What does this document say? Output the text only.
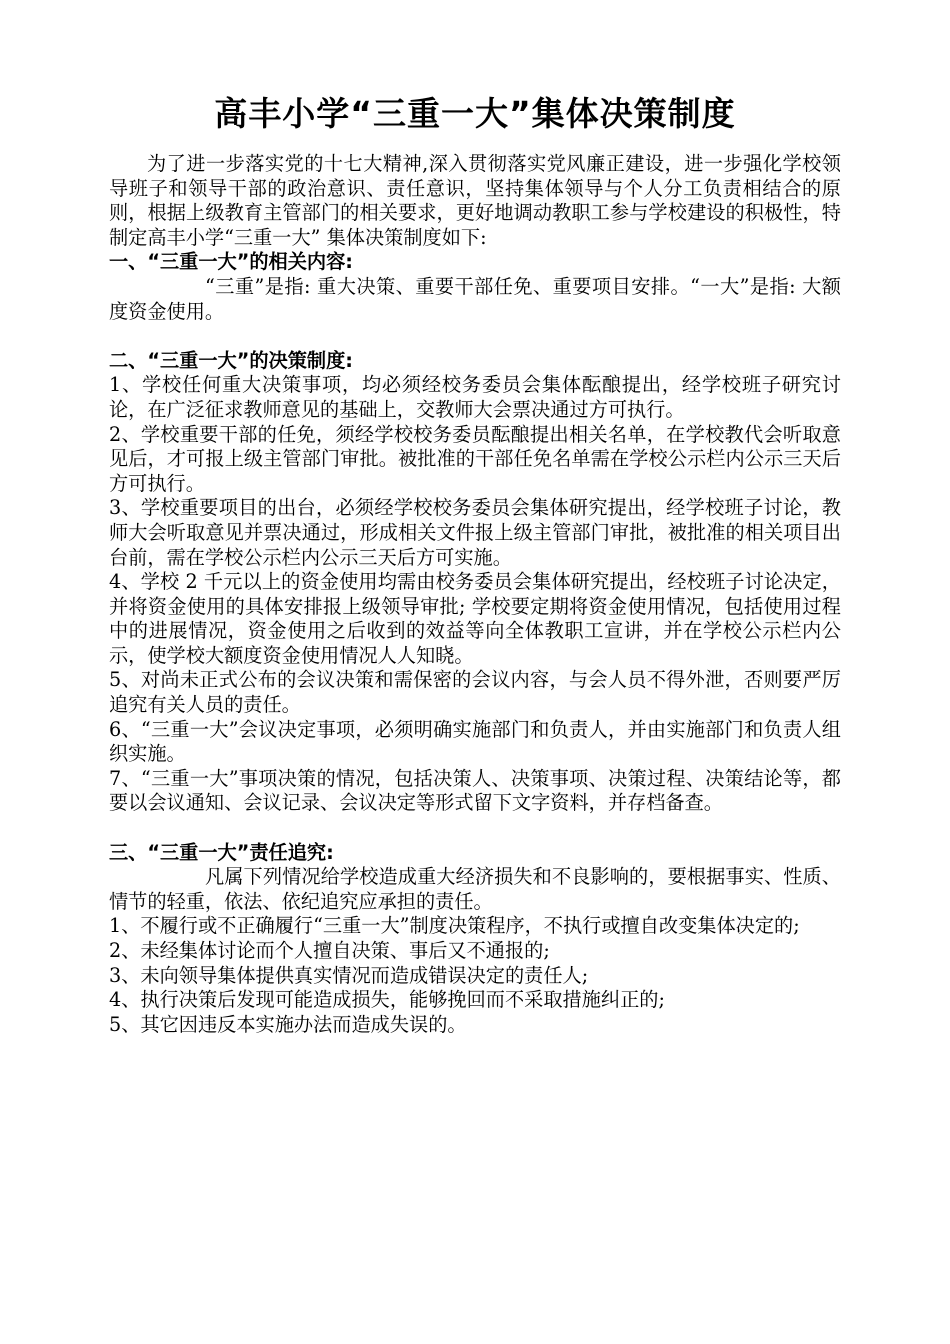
高丰小学“三重一大”集体决策制度

为了进一步落实党的十七大精神,深入贯彻落实党风廉正建设，进一步强化学校领导班子和领导干部的政治意识、责任意识，坚持集体领导与个人分工负责相结合的原则，根据上级教育主管部门的相关要求，更好地调动教职工参与学校建设的积极性，特制定高丰小学“三重一大” 集体决策制度如下:

一、“三重一大”的相关内容:

“三重”是指: 重大决策、重要干部任免、重要项目安排。“一大”是指: 大额度资金使用。

二、“三重一大”的决策制度:

1、学校任何重大决策事项，均必须经校务委员会集体酝酿提出，经学校班子研究讨论，在广泛征求教师意见的基础上，交教师大会票决通过方可执行。

2、学校重要干部的任免，须经学校校务委员酝酿提出相关名单，在学校教代会听取意见后，才可报上级主管部门审批。被批准的干部任免名单需在学校公示栏内公示三天后方可执行。

3、学校重要项目的出台，必须经学校校务委员会集体研究提出，经学校班子讨论，教师大会听取意见并票决通过，形成相关文件报上级主管部门审批，被批准的相关项目出台前，需在学校公示栏内公示三天后方可实施。

4、学校 2 千元以上的资金使用均需由校务委员会集体研究提出，经校班子讨论决定，并将资金使用的具体安排报上级领导审批; 学校要定期将资金使用情况，包括使用过程中的进展情况，资金使用之后收到的效益等向全体教职工宣讲，并在学校公示栏内公示，使学校大额度资金使用情况人人知晓。

5、对尚未正式公布的会议决策和需保密的会议内容，与会人员不得外泄，否则要严厉追究有关人员的责任。

6、“三重一大”会议决定事项，必须明确实施部门和负责人，并由实施部门和负责人组织实施。

7、“三重一大”事项决策的情况，包括决策人、决策事项、决策过程、决策结论等，都要以会议通知、会议记录、会议决定等形式留下文字资料，并存档备查。

三、“三重一大”责任追究:

凡属下列情况给学校造成重大经济损失和不良影响的，要根据事实、性质、情节的轻重，依法、依纪追究应承担的责任。

1、不履行或不正确履行“三重一大”制度决策程序，不执行或擅自改变集体决定的;

2、未经集体讨论而个人擅自决策、事后又不通报的;

3、未向领导集体提供真实情况而造成错误决定的责任人;

4、执行决策后发现可能造成损失，能够挽回而不采取措施纠正的;

5、其它因违反本实施办法而造成失误的。
